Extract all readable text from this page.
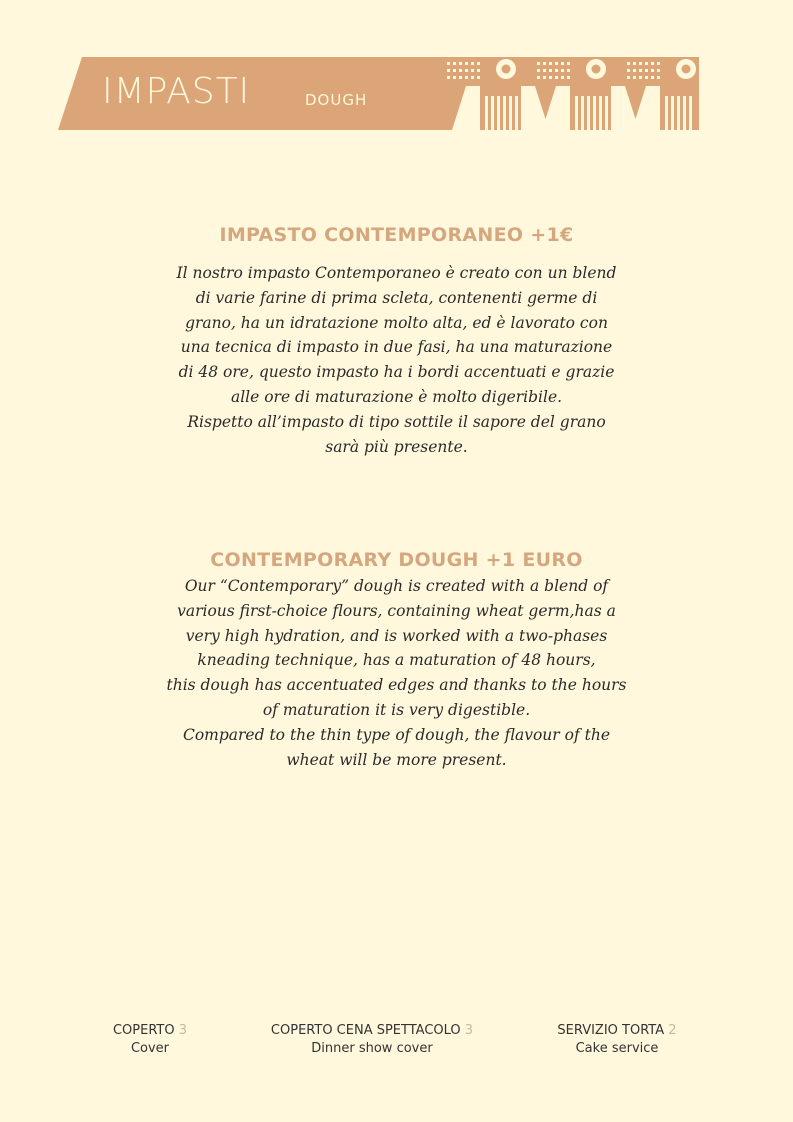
IMPASTI	DOUGH
IMPASTO CONTEMPORANEO +1€
Il nostro impasto Contemporaneo è creato con un blend
di varie farine di prima scleta, contenenti germe di
grano, ha un idratazione molto alta, ed è lavorato con
una tecnica di impasto in due fasi, ha una maturazione
di 48 ore, questo impasto ha i bordi accentuati e grazie
alle ore di maturazione è molto digeribile.
Rispetto all’impasto di tipo sottile il sapore del grano
sarà più presente.
CONTEMPORARY DOUGH +1 EURO
Our “Contemporary” dough is created with a blend of
various first-choice flours, containing wheat germ,has a
very high hydration, and is worked with a two-phases
kneading technique, has a maturation of 48 hours,
this dough has accentuated edges and thanks to the hours
of maturation it is very digestible.
Compared to the thin type of dough, the flavour of the
wheat will be more present.
COPERTO 3
Cover
COPERTO CENA SPETTACOLO 3
Dinner show cover
SERVIZIO TORTA 2
Cake service
